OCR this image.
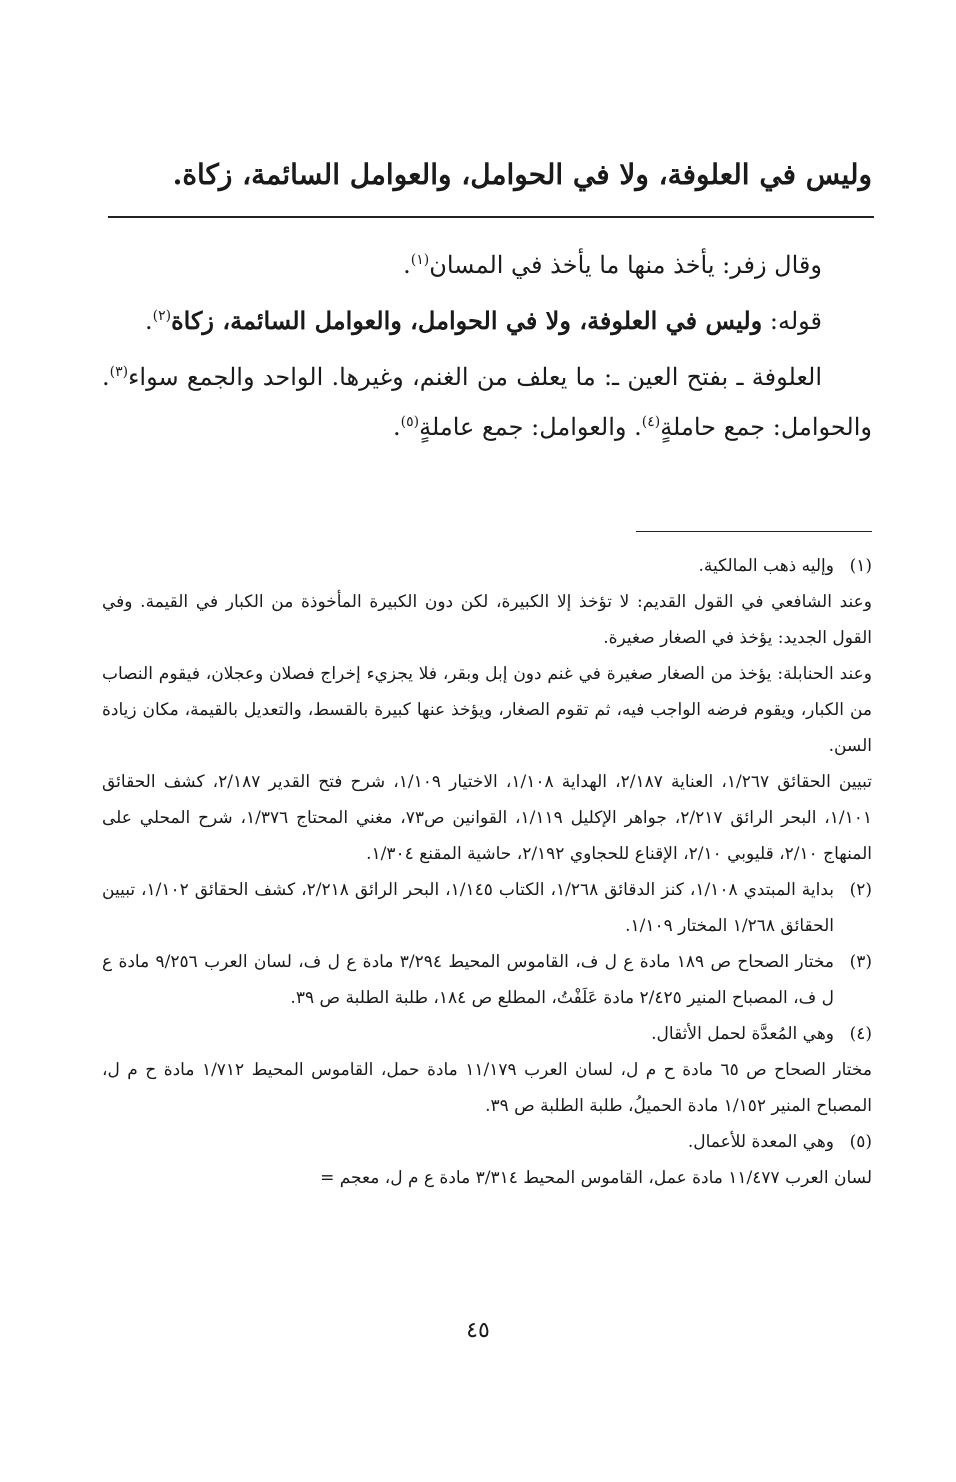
وليس في العلوفة، ولا في الحوامل، والعوامل السائمة، زكاة.

وقال زفر: يأخذ منها ما يأخذ في المسان$^{(١)}$.

قوله: وليس في العلوفة، ولا في الحوامل، والعوامل السائمة، زكاة$^{(٢)}$.

العلوفة ـ بفتح العين ـ: ما يعلف من الغنم، وغيرها. الواحد والجمع سواء$^{(٣)}$. والحوامل: جمع حاملةٍ$^{(٤)}$. والعوامل: جمع عاملةٍ$^{(٥)}$.

(١)

وإليه ذهب المالكية.

وعند الشافعي في القول القديم: لا تؤخذ إلا الكبيرة، لكن دون الكبيرة المأخوذة من الكبار في القيمة. وفي القول الجديد: يؤخذ في الصغار صغيرة.

وعند الحنابلة: يؤخذ من الصغار صغيرة في غنم دون إبل وبقر، فلا يجزيء إخراج فصلان وعجلان، فيقوم النصاب من الكبار، ويقوم فرضه الواجب فيه، ثم تقوم الصغار، ويؤخذ عنها كبيرة بالقسط، والتعديل بالقيمة، مكان زيادة السن.

تبيين الحقائق ١/٢٦٧، العناية ٢/١٨٧، الهداية ١/١٠٨، الاختيار ١/١٠٩، شرح فتح القدير ٢/١٨٧، كشف الحقائق ١/١٠١، البحر الرائق ٢/٢١٧، جواهر الإكليل ١/١١٩، القوانين ص٧٣، مغني المحتاج ١/٣٧٦، شرح المحلي على المنهاج ٢/١٠، قليوبي ٢/١٠، الإقناع للحجاوي ٢/١٩٢، حاشية المقنع ١/٣٠٤.

(٢)

بداية المبتدي ١/١٠٨، كنز الدقائق ١/٢٦٨، الكتاب ١/١٤٥، البحر الرائق ٢/٢١٨، كشف الحقائق ١/١٠٢، تبيين الحقائق ١/٢٦٨ المختار ١/١٠٩.

(٣)

مختار الصحاح ص ١٨٩ مادة ع ل ف، القاموس المحيط ٣/٢٩٤ مادة ع ل ف، لسان العرب ٩/٢٥٦ مادة ع ل ف، المصباح المنير ٢/٤٢٥ مادة عَلَفْتُ، المطلع ص ١٨٤، طلبة الطلبة ص ٣٩.

(٤)

وهي المُعدَّة لحمل الأثقال.

مختار الصحاح ص ٦٥ مادة ح م ل، لسان العرب ١١/١٧٩ مادة حمل، القاموس المحيط ١/٧١٢ مادة ح م ل، المصباح المنير ١/١٥٢ مادة الحميلُ، طلبة الطلبة ص ٣٩.

(٥)

وهي المعدة للأعمال.

لسان العرب ١١/٤٧٧ مادة عمل، القاموس المحيط ٣/٣١٤ مادة ع م ل، معجم =

٤٥
